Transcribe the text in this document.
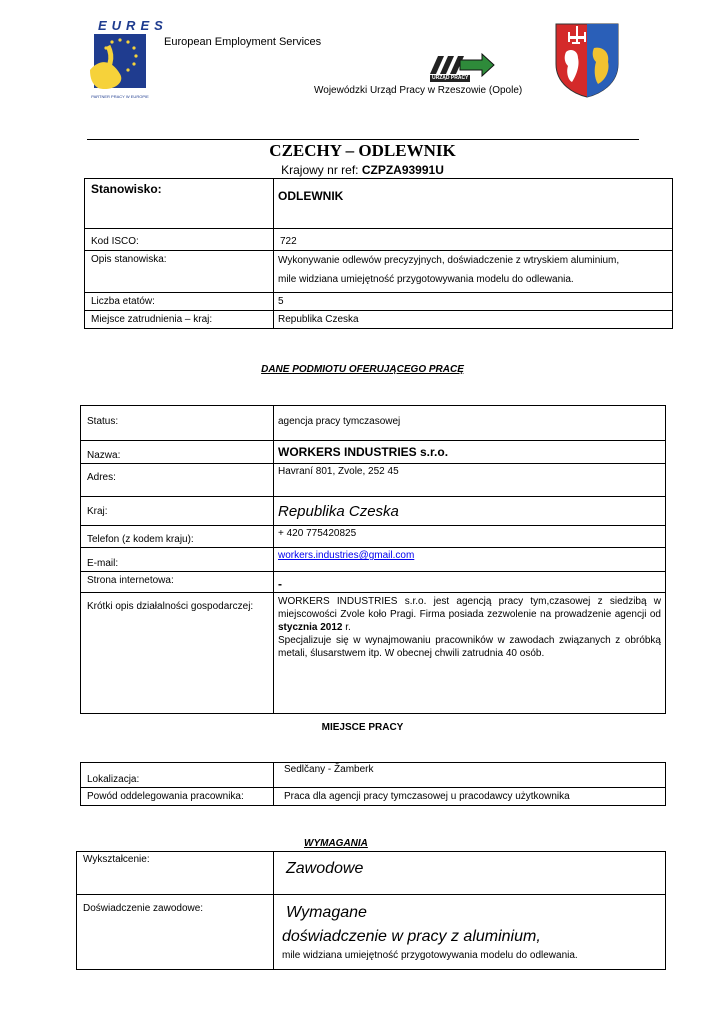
EURES
PARTNER PRACY W EUROPIE
European Employment Services
URZĄD PRACY
Wojewódzki Urząd Pracy w Rzeszowie (Opole)
CZECHY – ODLEWNIK
Krajowy nr ref: CZPZA93991U
Stanowisko:	ODLEWNIK

Kod ISCO:	722

Opis stanowiska:	Wykonywanie odlewów precyzyjnych, doświadczenie z wtryskiem aluminium,
mile widziana umiejętność przygotowywania modelu do odlewania.

Liczba etatów:	5

Miejsce zatrudnienia – kraj:	Republika Czeska
DANE PODMIOTU OFERUJĄCEGO PRACĘ
Status:	agencja pracy tymczasowej

Nazwa:	WORKERS INDUSTRIES s.r.o.

Adres:	Havraní 801, Zvole, 252 45

Kraj:	Republika Czeska

Telefon (z kodem kraju):	+ 420 775420825

E-mail:	workers.industries@gmail.com

Strona internetowa:	-

Krótki opis działalności gospodarczej:	WORKERS INDUSTRIES s.r.o. jest agencją pracy tym,czasowej z siedzibą w miejscowości Zvole koło Pragi. Firma posiada zezwolenie na prowadzenie agencji od stycznia 2012 r.
Specjalizuje się w wynajmowaniu pracowników w zawodach związanych z obróbką metali, ślusarstwem itp. W obecnej chwili zatrudnia 40 osób.
MIEJSCE PRACY
Lokalizacja:	Sedlčany - Žamberk

Powód oddelegowania pracownika:	Praca dla agencji pracy tymczasowej u pracodawcy użytkownika
WYMAGANIA
Wykształcenie:	Zawodowe

Doświadczenie zawodowe:	Wymagane
doświadczenie w pracy z aluminium,
mile widziana umiejętność przygotowywania modelu do odlewania.
